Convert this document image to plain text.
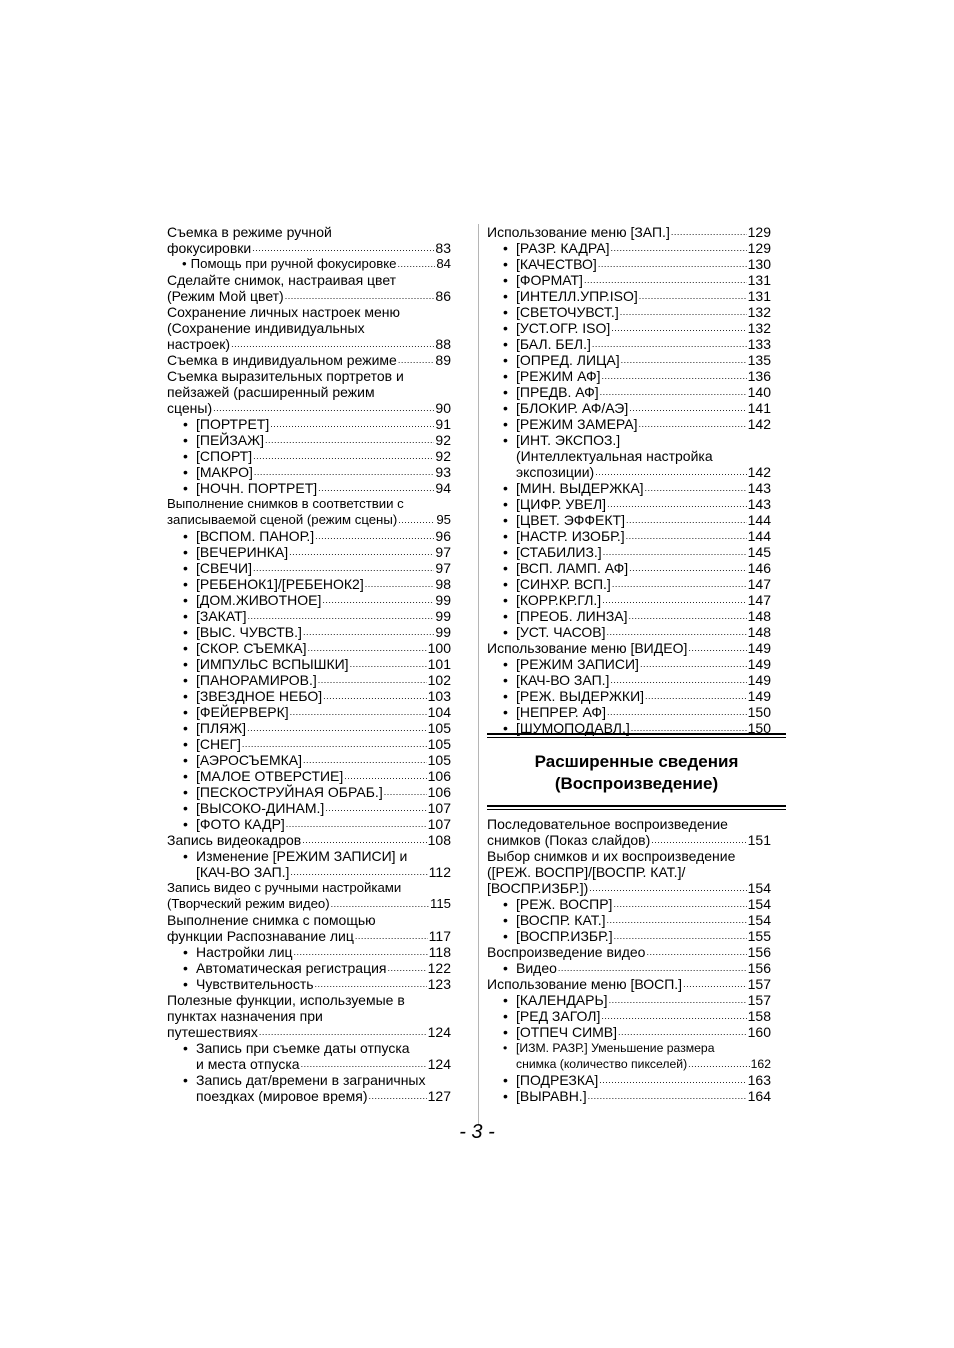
Съемка в режиме ручной
фокусировки .....	83
• Помощь при ручной фокусировке .....	84
Сделайте снимок, настраивая цвет
(Режим Мой цвет) .....	86
Сохранение личных настроек меню
(Сохранение индивидуальных
настроек) .....	88
Съемка в индивидуальном режиме .....	89
Съемка выразительных портретов и
пейзажей (расширенный режим
сцены) .....	90
• [ПОРТРЕТ] .....	91
• [ПЕЙЗАЖ] .....	92
• [СПОРТ] .....	92
• [МАКРО] .....	93
• [НОЧН. ПОРТРЕТ] .....	94
Выполнение снимков в соответствии с
записываемой сценой (режим сцены) .....	95
• [ВСПОМ. ПАНОР.] .....	96
• [ВЕЧЕРИНКА] .....	97
• [СВЕЧИ] .....	97
• [РЕБЕНОК1]/[РЕБЕНОК2] .....	98
• [ДОМ.ЖИВОТНОЕ] .....	99
• [ЗАКАТ] .....	99
• [ВЫС. ЧУВСТВ.] .....	99
• [СКОР. СЪЕМКА] .....	100
• [ИМПУЛЬС ВСПЫШКИ] .....	101
• [ПАНОРАМИРОВ.] .....	102
• [ЗВЕЗДНОЕ НЕБО] .....	103
• [ФЕЙЕРВЕРК] .....	104
• [ПЛЯЖ] .....	105
• [СНЕГ] .....	105
• [АЭРОСЪЕМКА] .....	105
• [МАЛОЕ ОТВЕРСТИЕ] .....	106
• [ПЕСКОСТРУЙНАЯ ОБРАБ.] .....	106
• [ВЫСОКО-ДИНАМ.] .....	107
• [ФОТО КАДР] .....	107
Запись видеокадров .....	108
• Изменение [РЕЖИМ ЗАПИСИ] и
[КАЧ-ВО ЗАП.] .....	112
Запись видео с ручными настройками
(Творческий режим видео) .....	115
Выполнение снимка с помощью
функции Распознавание лиц .....	117
• Настройки лиц .....	118
• Автоматическая регистрация .....	122
• Чувствительность .....	123
Полезные функции, используемые в
пунктах назначения при
путешествиях .....	124
• Запись при съемке даты отпуска
и места отпуска .....	124
• Запись дат/времени в заграничных
поездках (мировое время) .....	127
Использование меню [ЗАП.] .....	129
• [РАЗР. КАДРА] .....	129
• [КАЧЕСТВО] .....	130
• [ФОРМАТ] .....	131
• [ИНТЕЛЛ.УПР.ISO] .....	131
• [СВЕТОЧУВСТ.] .....	132
• [УСТ.ОГР. ISO] .....	132
• [БАЛ. БЕЛ.] .....	133
• [ОПРЕД. ЛИЦА] .....	135
• [РЕЖИМ АФ] .....	136
• [ПРЕДВ. АФ] .....	140
• [БЛОКИР. АФ/АЭ] .....	141
• [РЕЖИМ ЗАМЕРА] .....	142
• [ИНТ. ЭКСПОЗ.]
(Интеллектуальная настройка
экспозиции) .....	142
• [МИН. ВЫДЕРЖКА] .....	143
• [ЦИФР. УВЕЛ] .....	143
• [ЦВЕТ. ЭФФЕКТ] .....	144
• [НАСТР. ИЗОБР.] .....	144
• [СТАБИЛИЗ.] .....	145
• [ВСП. ЛАМП. АФ] .....	146
• [СИНХР. ВСП.] .....	147
• [КОРР.КР.ГЛ.] .....	147
• [ПРЕОБ. ЛИНЗА] .....	148
• [УСТ. ЧАСОВ] .....	148
Использование меню [ВИДЕО] .....	149
• [РЕЖИМ ЗАПИСИ] .....	149
• [КАЧ-ВО ЗАП.] .....	149
• [РЕЖ. ВЫДЕРЖКИ] .....	149
• [НЕПРЕР. АФ] .....	150
• [ШУМОПОДАВЛ.] .....	150
Расширенные сведения
(Воспроизведение)
Последовательное воспроизведение
снимков (Показ слайдов) .....	151
Выбор снимков и их воспроизведение
([РЕЖ. ВОСПР]/[ВОСПР. КАТ.]/
[ВОСПР.ИЗБР.]) .....	154
• [РЕЖ. ВОСПР] .....	154
• [ВОСПР. КАТ.] .....	154
• [ВОСПР.ИЗБР.] .....	155
Воспроизведение видео .....	156
• Видео .....	156
Использование меню [ВОСП.] .....	157
• [КАЛЕНДАРЬ] .....	157
• [РЕД ЗАГОЛ] .....	158
• [ОТПЕЧ СИМВ] .....	160
• [ИЗМ. РАЗР.] Уменьшение размера
снимка (количество пикселей) .....	162
• [ПОДРЕЗКА] .....	163
• [ВЫРАВН.] .....	164
- 3 -
